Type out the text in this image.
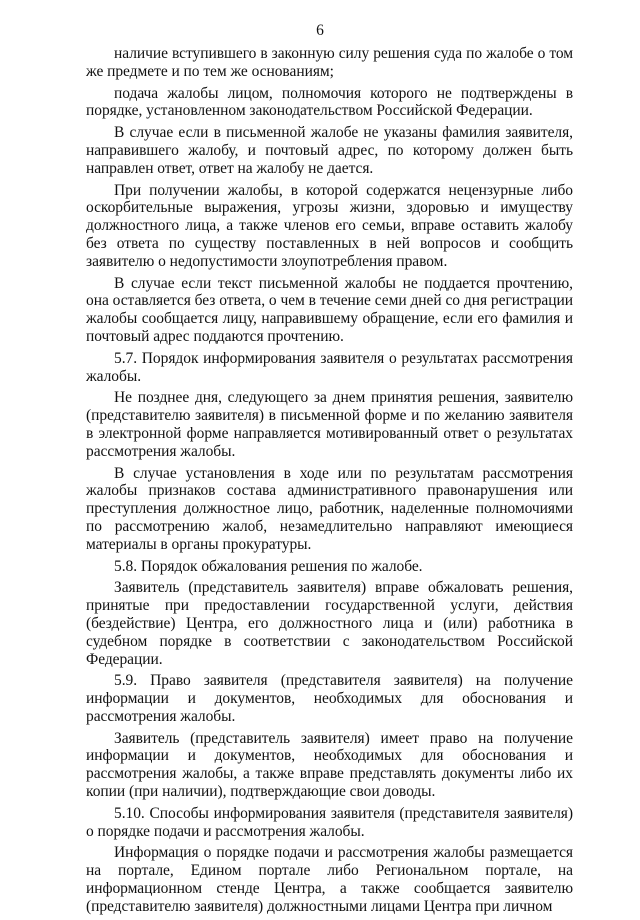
6

наличие вступившего в законную силу решения суда по жалобе о том же предмете и по тем же основаниям;

подача жалобы лицом, полномочия которого не подтверждены в порядке, установленном законодательством Российской Федерации.

В случае если в письменной жалобе не указаны фамилия заявителя, направившего жалобу, и почтовый адрес, по которому должен быть направлен ответ, ответ на жалобу не дается.

При получении жалобы, в которой содержатся нецензурные либо оскорбительные выражения, угрозы жизни, здоровью и имуществу должностного лица, а также членов его семьи, вправе оставить жалобу без ответа по существу поставленных в ней вопросов и сообщить заявителю о недопустимости злоупотребления правом.

В случае если текст письменной жалобы не поддается прочтению, она оставляется без ответа, о чем в течение семи дней со дня регистрации жалобы сообщается лицу, направившему обращение, если его фамилия и почтовый адрес поддаются прочтению.

5.7. Порядок информирования заявителя о результатах рассмотрения жалобы.

Не позднее дня, следующего за днем принятия решения, заявителю (представителю заявителя) в письменной форме и по желанию заявителя в электронной форме направляется мотивированный ответ о результатах рассмотрения жалобы.

В случае установления в ходе или по результатам рассмотрения жалобы признаков состава административного правонарушения или преступления должностное лицо, работник, наделенные полномочиями по рассмотрению жалоб, незамедлительно направляют имеющиеся материалы в органы прокуратуры.

5.8. Порядок обжалования решения по жалобе.

Заявитель (представитель заявителя) вправе обжаловать решения, принятые при предоставлении государственной услуги, действия (бездействие) Центра, его должностного лица и (или) работника в судебном порядке в соответствии с законодательством Российской Федерации.

5.9. Право заявителя (представителя заявителя) на получение информации и документов, необходимых для обоснования и рассмотрения жалобы.

Заявитель (представитель заявителя) имеет право на получение информации и документов, необходимых для обоснования и рассмотрения жалобы, а также вправе представлять документы либо их копии (при наличии), подтверждающие свои доводы.

5.10. Способы информирования заявителя (представителя заявителя) о порядке подачи и рассмотрения жалобы.

Информация о порядке подачи и рассмотрения жалобы размещается на портале, Едином портале либо Региональном портале, на информационном стенде Центра, а также сообщается заявителю (представителю заявителя) должностными лицами Центра при личном
